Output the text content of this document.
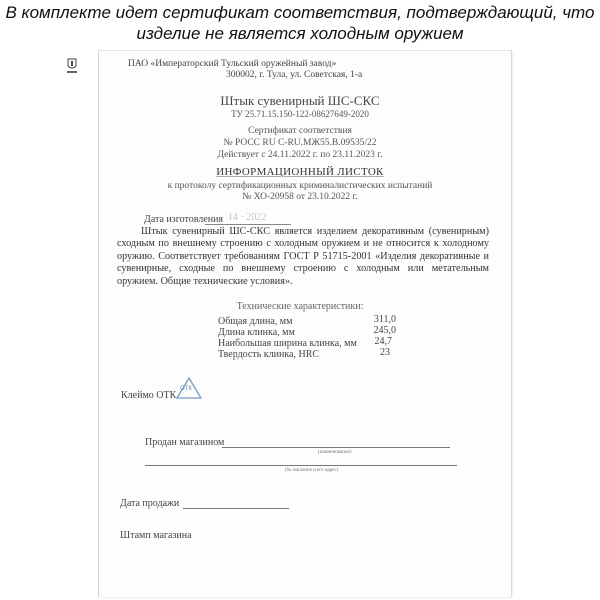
В комплекте идет сертификат соответствия, подтверждающий, что
изделие не является холодным оружием
ПАО «Императорский Тульский оружейный завод»
300002, г. Тула, ул. Советская, 1-а
Штык сувенирный ШС-СКС
ТУ 25.71.15.150-122-08627649-2020
Сертификат соответствия
№ РОСС RU C-RU.МЖ55.В.09535/22
Действует с 24.11.2022 г. по 23.11.2023 г.
ИНФОРМАЦИОННЫЙ ЛИСТОК
к протоколу сертификационных криминалистических испытаний
№ ХО-20958 от 23.10.2022 г.
Дата изготовления 14 · 2022
Штык сувенирный ШС-СКС является изделием декоративным (сувенирным) сходным по внешнему строению с холодным оружием и не относится к холодному оружию. Соответствует требованиям ГОСТ Р 51715-2001 «Изделия декоративные и сувенирные, сходные по внешнему строению с холодным или метательным оружием. Общие технические условия».
Технические характеристики:
Общая длина, мм	311,0
Длина клинка, мм	245,0
Наибольшая ширина клинка, мм	24,7
Твердость клинка, HRC	23
Клеймо ОТК
ОТК
Продан магазином
(наименование)
(№ магазина и его адрес)
Дата продажи
Штамп магазина
